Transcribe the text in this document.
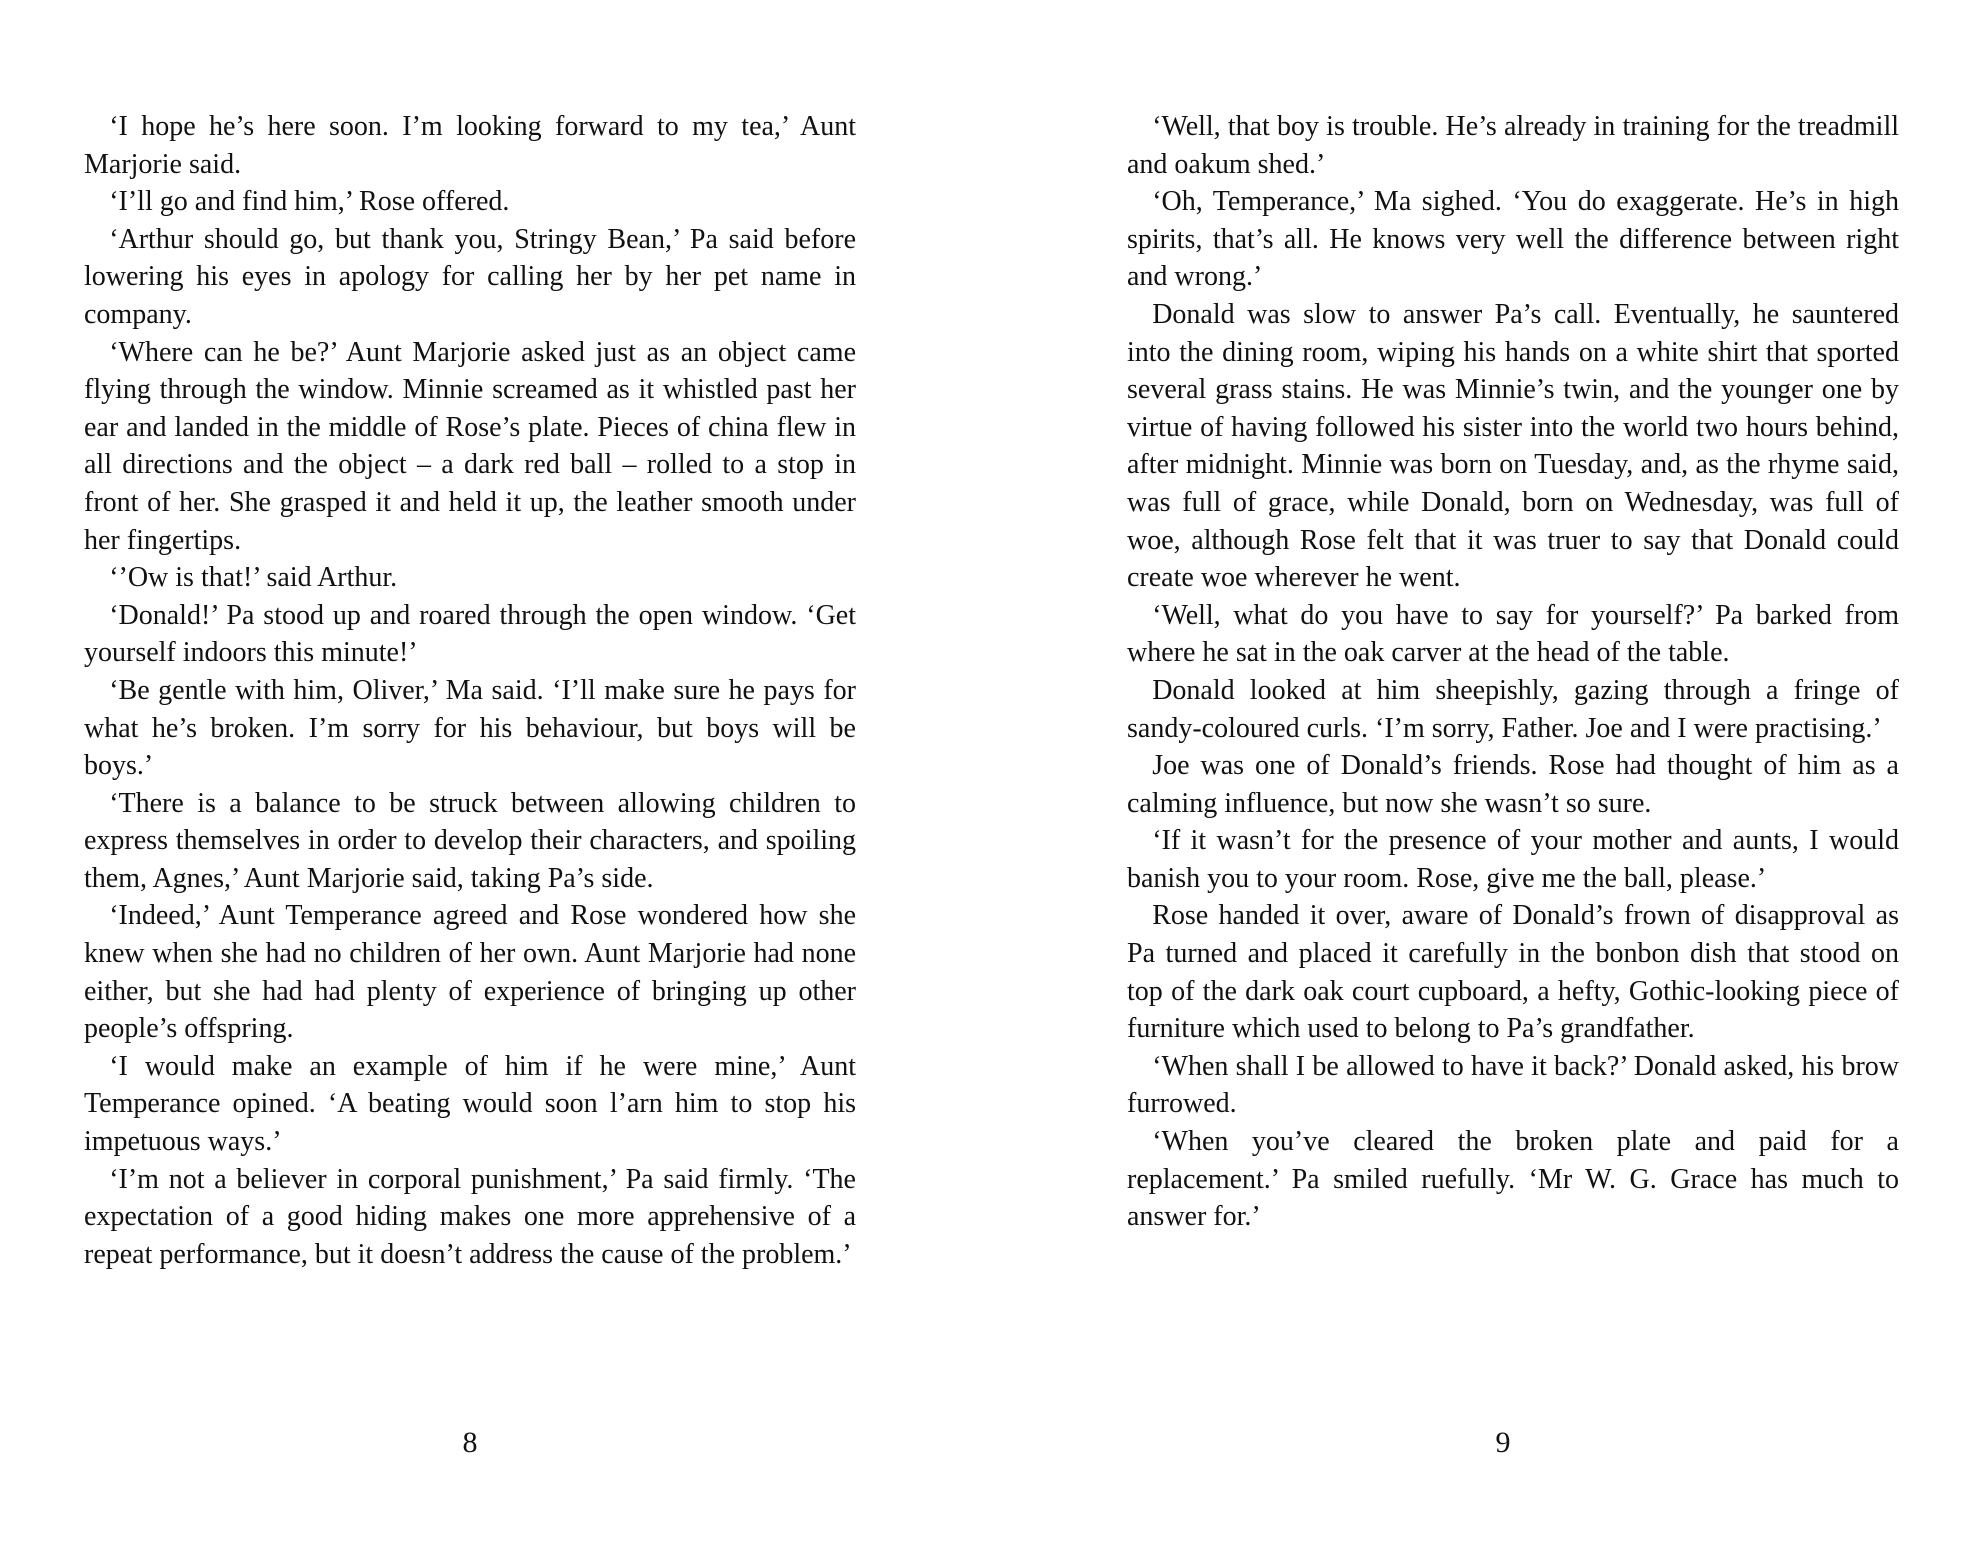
‘I hope he’s here soon. I’m looking forward to my tea,’ Aunt Marjorie said.

‘I’ll go and find him,’ Rose offered.

‘Arthur should go, but thank you, Stringy Bean,’ Pa said before lowering his eyes in apology for calling her by her pet name in company.

‘Where can he be?’ Aunt Marjorie asked just as an object came flying through the window. Minnie screamed as it whistled past her ear and landed in the middle of Rose’s plate. Pieces of china flew in all directions and the object – a dark red ball – rolled to a stop in front of her. She grasped it and held it up, the leather smooth under her fingertips.

‘’Ow is that!’ said Arthur.

‘Donald!’ Pa stood up and roared through the open window. ‘Get yourself indoors this minute!’

‘Be gentle with him, Oliver,’ Ma said. ‘I’ll make sure he pays for what he’s broken. I’m sorry for his behaviour, but boys will be boys.’

‘There is a balance to be struck between allowing children to express themselves in order to develop their characters, and spoiling them, Agnes,’ Aunt Marjorie said, taking Pa’s side.

‘Indeed,’ Aunt Temperance agreed and Rose wondered how she knew when she had no children of her own. Aunt Marjorie had none either, but she had had plenty of experience of bringing up other people’s offspring.

‘I would make an example of him if he were mine,’ Aunt Temperance opined. ‘A beating would soon l’arn him to stop his impetuous ways.’

‘I’m not a believer in corporal punishment,’ Pa said firmly. ‘The expectation of a good hiding makes one more apprehensive of a repeat performance, but it doesn’t address the cause of the problem.’

8

‘Well, that boy is trouble. He’s already in training for the treadmill and oakum shed.’

‘Oh, Temperance,’ Ma sighed. ‘You do exaggerate. He’s in high spirits, that’s all. He knows very well the difference between right and wrong.’

Donald was slow to answer Pa’s call. Eventually, he sauntered into the dining room, wiping his hands on a white shirt that sported several grass stains. He was Minnie’s twin, and the younger one by virtue of having followed his sister into the world two hours behind, after midnight. Minnie was born on Tuesday, and, as the rhyme said, was full of grace, while Donald, born on Wednesday, was full of woe, although Rose felt that it was truer to say that Donald could create woe wherever he went.

‘Well, what do you have to say for yourself?’ Pa barked from where he sat in the oak carver at the head of the table.

Donald looked at him sheepishly, gazing through a fringe of sandy-coloured curls. ‘I’m sorry, Father. Joe and I were practising.’

Joe was one of Donald’s friends. Rose had thought of him as a calming influence, but now she wasn’t so sure.

‘If it wasn’t for the presence of your mother and aunts, I would banish you to your room. Rose, give me the ball, please.’

Rose handed it over, aware of Donald’s frown of disapproval as Pa turned and placed it carefully in the bonbon dish that stood on top of the dark oak court cupboard, a hefty, Gothic-looking piece of furniture which used to belong to Pa’s grandfather.

‘When shall I be allowed to have it back?’ Donald asked, his brow furrowed.

‘When you’ve cleared the broken plate and paid for a replacement.’ Pa smiled ruefully. ‘Mr W. G. Grace has much to answer for.’

9
